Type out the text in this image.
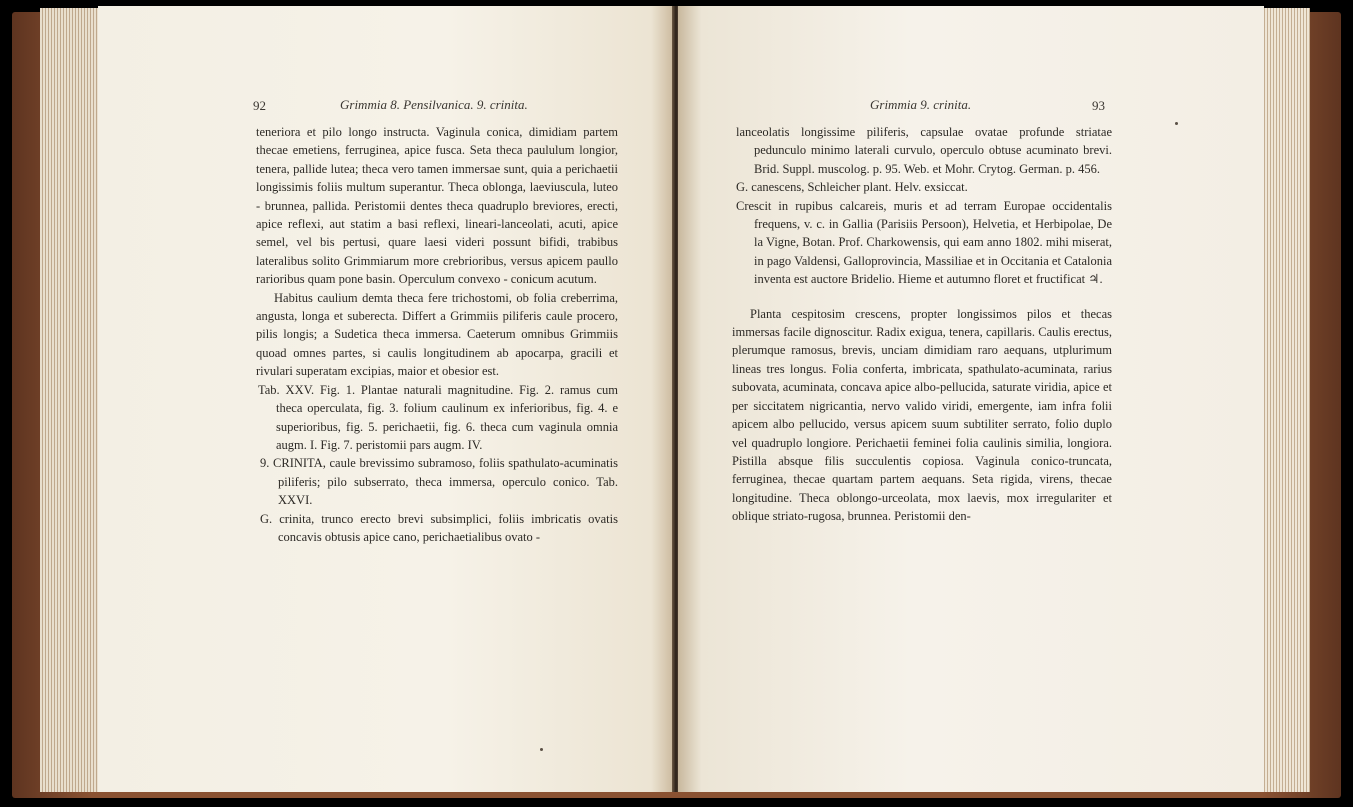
92	Grimmia 8. Pensilvanica. 9. crinita.

teneriora et pilo longo instructa. Vaginula conica, dimidiam partem thecae emetiens, ferruginea, apice fusca. Seta theca paululum longior, tenera, pallide lutea; theca vero tamen immersae sunt, quia a perichaetii longissimis foliis multum superantur. Theca oblonga, laeviuscula, luteo - brunnea, pallida. Peristomii dentes theca quadruplo breviores, erecti, apice reflexi, aut statim a basi reflexi, lineari-lanceolati, acuti, apice semel, vel bis pertusi, quare laesi videri possunt bifidi, trabibus lateralibus solito Grimmiarum more crebrioribus, versus apicem paullo rarioribus quam pone basin. Operculum convexo - conicum acutum.

Habitus caulium demta theca fere trichostomi, ob folia creberrima, angusta, longa et suberecta. Differt a Grimmiis piliferis caule procero, pilis longis; a Sudetica theca immersa. Caeterum omnibus Grimmiis quoad omnes partes, si caulis longitudinem ab apocarpa, gracili et rivulari superatam excipias, maior et obesior est.

Tab. XXV. Fig. 1. Plantae naturali magnitudine. Fig. 2. ramus cum theca operculata, fig. 3. folium caulinum ex inferioribus, fig. 4. e superioribus, fig. 5. perichaetii, fig. 6. theca cum vaginula omnia augm. I. Fig. 7. peristomii pars augm. IV.

9. CRINITA, caule brevissimo subramoso, foliis spathulato-acuminatis piliferis; pilo subserrato, theca immersa, operculo conico. Tab. XXVI.

G. crinita, trunco erecto brevi subsimplici, foliis imbricatis ovatis concavis obtusis apice cano, perichaetialibus ovato -

Grimmia 9. crinita.	93

lanceolatis longissime piliferis, capsulae ovatae profunde striatae pedunculo minimo laterali curvulo, operculo obtuse acuminato brevi. Brid. Suppl. muscolog. p. 95. Web. et Mohr. Crytog. German. p. 456.

G. canescens, Schleicher plant. Helv. exsiccat.

Crescit in rupibus calcareis, muris et ad terram Europae occidentalis frequens, v. c. in Gallia (Parisiis Persoon), Helvetia, et Herbipolae, De la Vigne, Botan. Prof. Charkowensis, qui eam anno 1802. mihi miserat, in pago Valdensi, Galloprovincia, Massiliae et in Occitania et Catalonia inventa est auctore Bridelio. Hieme et autumno floret et fructificat ♃.

Planta cespitosim crescens, propter longissimos pilos et thecas immersas facile dignoscitur. Radix exigua, tenera, capillaris. Caulis erectus, plerumque ramosus, brevis, unciam dimidiam raro aequans, utplurimum lineas tres longus. Folia conferta, imbricata, spathulato-acuminata, rarius subovata, acuminata, concava apice albo-pellucida, saturate viridia, apice et per siccitatem nigricantia, nervo valido viridi, emergente, iam infra folii apicem albo pellucido, versus apicem suum subtiliter serrato, folio duplo vel quadruplo longiore. Perichaetii feminei folia caulinis similia, longiora. Pistilla absque filis succulentis copiosa. Vaginula conico-truncata, ferruginea, thecae quartam partem aequans. Seta rigida, virens, thecae longitudine. Theca oblongo-urceolata, mox laevis, mox irregulariter et oblique striato-rugosa, brunnea. Peristomii den-
